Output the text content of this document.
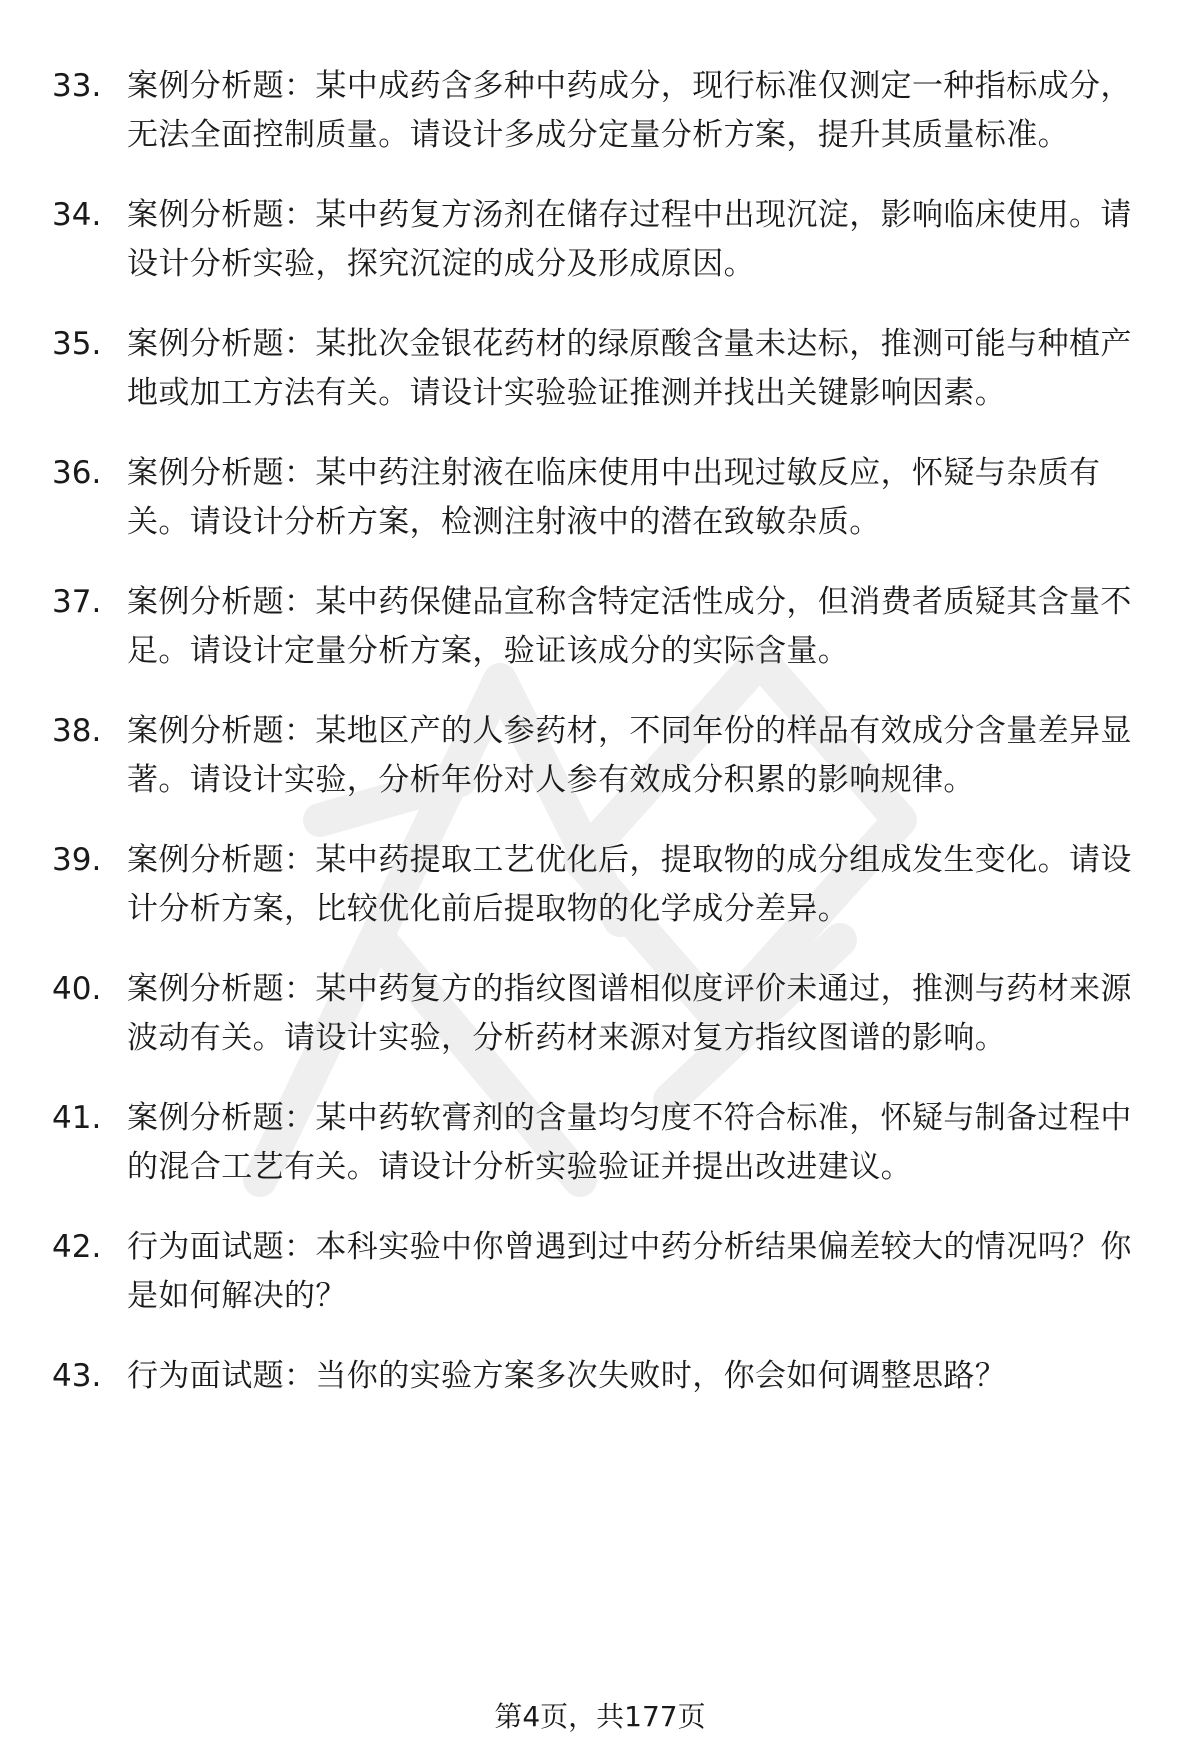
33. 案例分析题：某中成药含多种中药成分，现行标准仅测定一种指标成分，无法全面控制质量。请设计多成分定量分析方案，提升其质量标准。
34. 案例分析题：某中药复方汤剂在储存过程中出现沉淀，影响临床使用。请设计分析实验，探究沉淀的成分及形成原因。
35. 案例分析题：某批次金银花药材的绿原酸含量未达标，推测可能与种植产地或加工方法有关。请设计实验验证推测并找出关键影响因素。
36. 案例分析题：某中药注射液在临床使用中出现过敏反应，怀疑与杂质有关。请设计分析方案，检测注射液中的潜在致敏杂质。
37. 案例分析题：某中药保健品宣称含特定活性成分，但消费者质疑其含量不足。请设计定量分析方案，验证该成分的实际含量。
38. 案例分析题：某地区产的人参药材，不同年份的样品有效成分含量差异显著。请设计实验，分析年份对人参有效成分积累的影响规律。
39. 案例分析题：某中药提取工艺优化后，提取物的成分组成发生变化。请设计分析方案，比较优化前后提取物的化学成分差异。
40. 案例分析题：某中药复方的指纹图谱相似度评价未通过，推测与药材来源波动有关。请设计实验，分析药材来源对复方指纹图谱的影响。
41. 案例分析题：某中药软膏剂的含量均匀度不符合标准，怀疑与制备过程中的混合工艺有关。请设计分析实验验证并提出改进建议。
42. 行为面试题：本科实验中你曾遇到过中药分析结果偏差较大的情况吗？你是如何解决的？
43. 行为面试题：当你的实验方案多次失败时，你会如何调整思路？
第4页，共177页
